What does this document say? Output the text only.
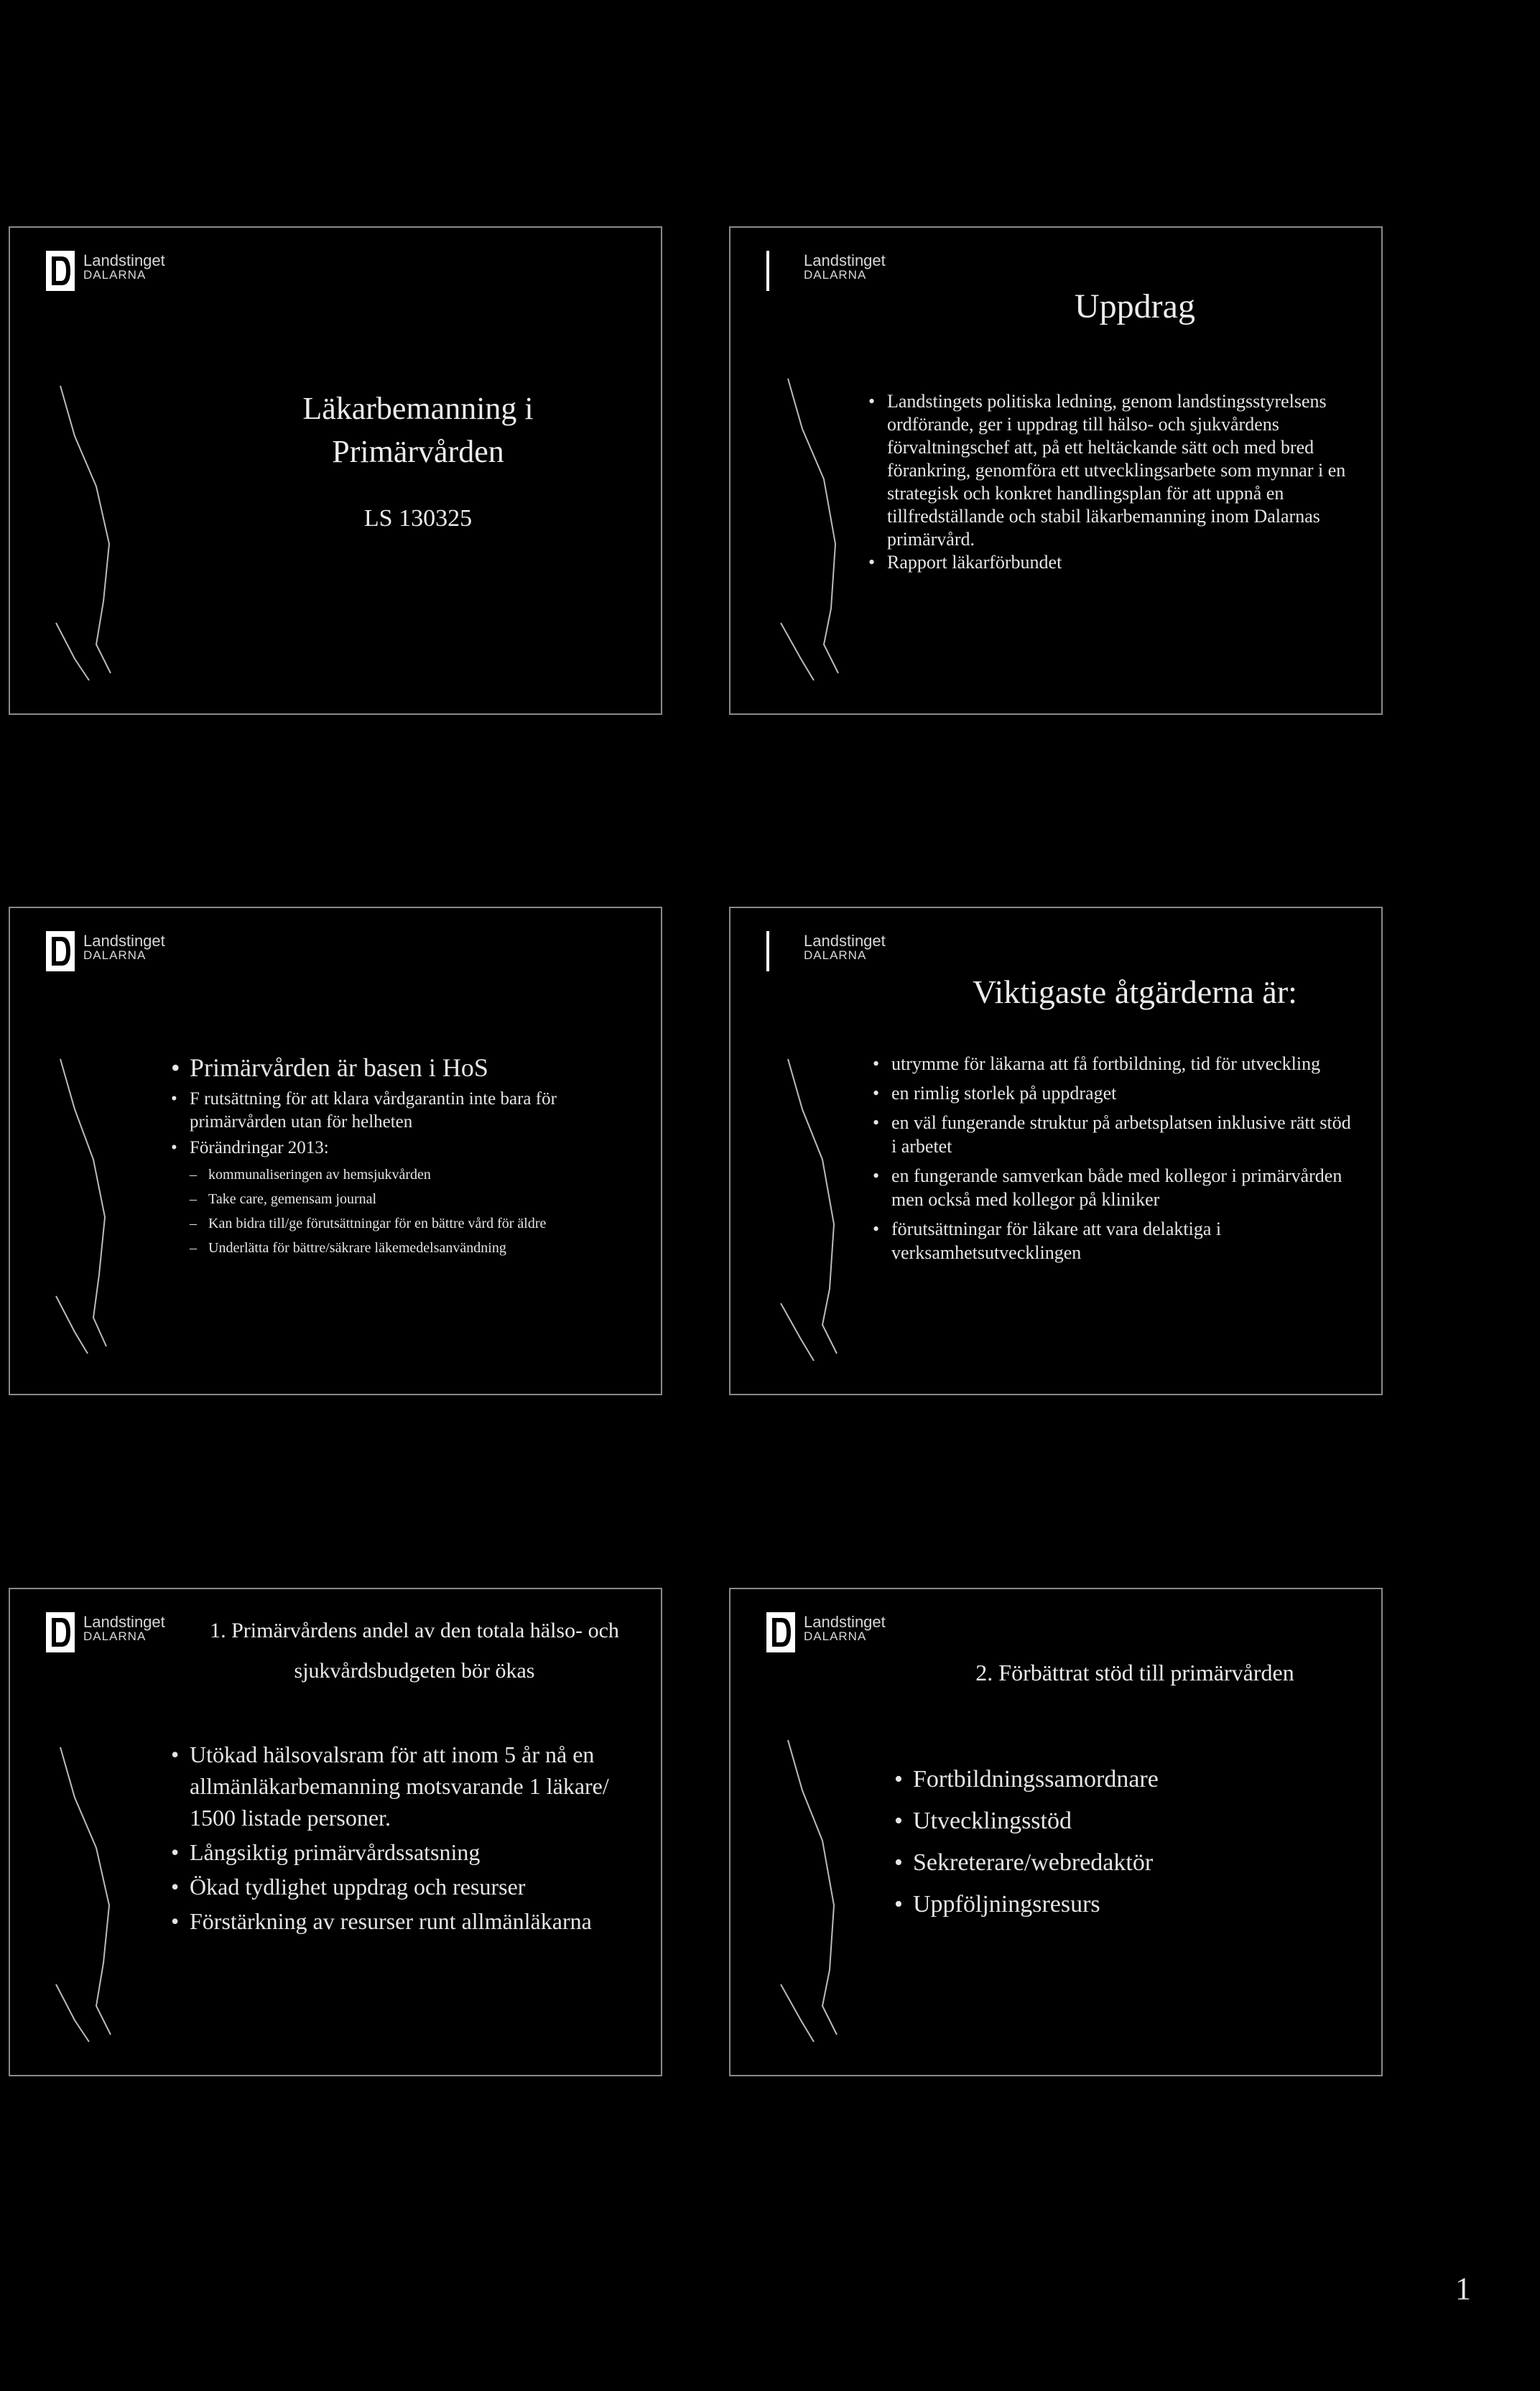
Landstinget
DALARNA
Läkarbemanning i
Primärvården
LS 130325
Landstinget
DALARNA
Uppdrag
• Landstingets politiska ledning, genom landstingsstyrelsens ordförande, ger i uppdrag till hälso- och sjukvårdens förvaltningschef att, på ett heltäckande sätt och med bred förankring, genomföra ett utvecklingsarbete som mynnar i en strategisk och konkret handlingsplan för att uppnå en tillfredställande och stabil läkarbemanning inom Dalarnas primärvård.
• Rapport läkarförbundet
Landstinget
DALARNA
• Primärvården är basen i HoS
• F rutsättning för att klara vårdgarantin inte bara för primärvården utan för helheten
• Förändringar 2013:
– kommunaliseringen av hemsjukvården
– Take care, gemensam journal
– Kan bidra till/ge förutsättningar för en bättre vård för äldre
– Underlätta för bättre/säkrare läkemedelsanvändning
Landstinget
DALARNA
Viktigaste åtgärderna är:
• utrymme för läkarna att få fortbildning, tid för utveckling
• en rimlig storlek på uppdraget
• en väl fungerande struktur på arbetsplatsen inklusive rätt stöd i arbetet
• en fungerande samverkan både med kollegor i primärvården men också med kollegor på kliniker
• förutsättningar för läkare att vara delaktiga i verksamhetsutvecklingen
Landstinget
DALARNA	1. Primärvårdens andel av den totala hälso- och
sjukvårdsbudgeten bör ökas
• Utökad hälsovalsram för att inom 5 år nå en allmänläkarbemanning motsvarande 1 läkare/ 1500 listade personer.
• Långsiktig primärvårdssatsning
• Ökad tydlighet uppdrag och resurser
• Förstärkning av resurser runt allmänläkarna
Landstinget
DALARNA
2. Förbättrat stöd till primärvården
• Fortbildningssamordnare
• Utvecklingsstöd
• Sekreterare/webredaktör
• Uppföljningsresurs
1
